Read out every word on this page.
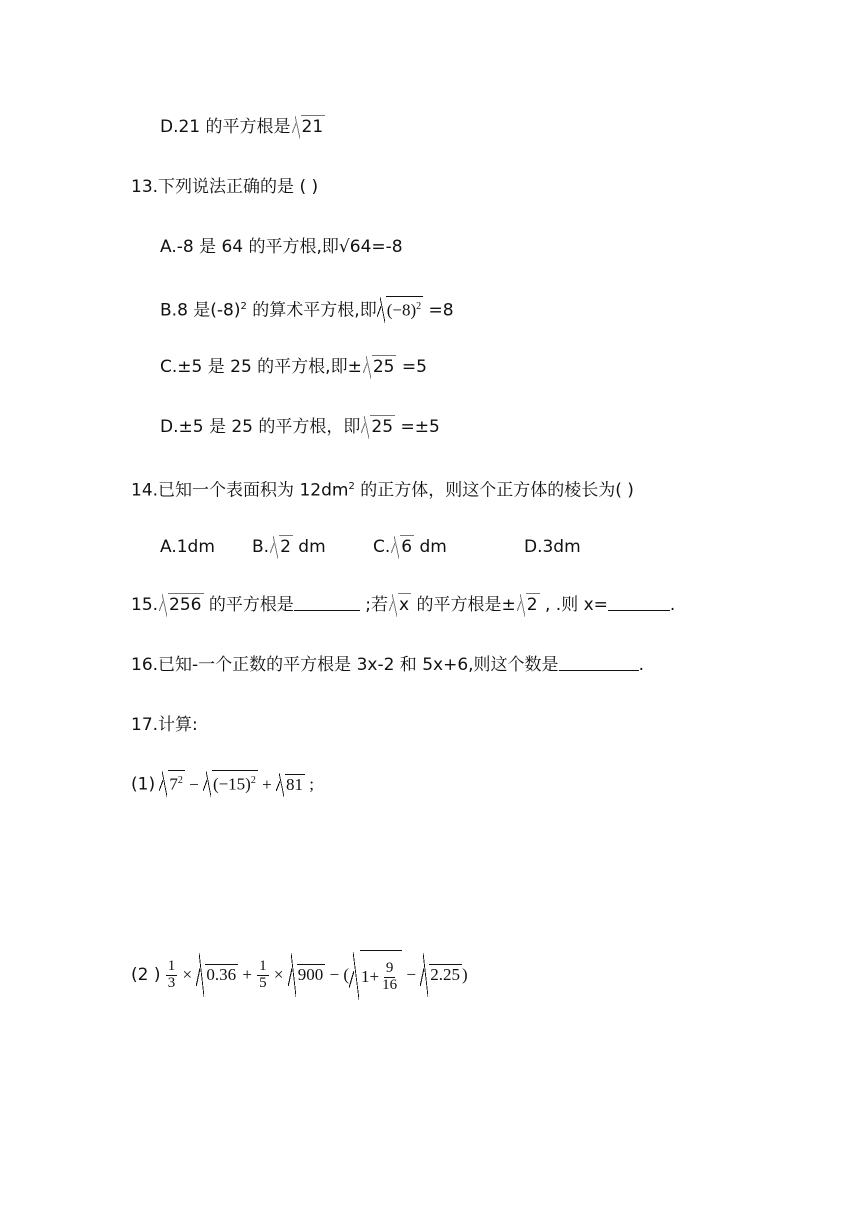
D.21 的平方根是 21
13.下列说法正确的是 ( )
A.-8 是 64 的平方根,即√64=-8
B.8 是$(-8)^2$ 的算术平方根,即 $(-8)^2 =8$
C.±5 是 25 的平方根,即± 25 =5
D.±5 是 25 的平方根，即 25 =±5
14.已知一个表面积为 $12dm^2$ 的正方体，则这个正方体的棱长为( )
A.1dm B. 2 dm	C. 6 dm	D.3dm
15. 256 的平方根是	;若 x 的平方根是± 2 , .则 x=	.
16.已知-一个正数的平方根是 3x-2 和 5x+6,则这个数是	.
17.计算:
(1) $7^2 - (-15)^2 + 81$ ;
(2 ) $\frac{1}{3} \times 0.36 + \frac{1}{5} \times 900$ − ( $1+ \frac{9}{16} - 2.25$ )
